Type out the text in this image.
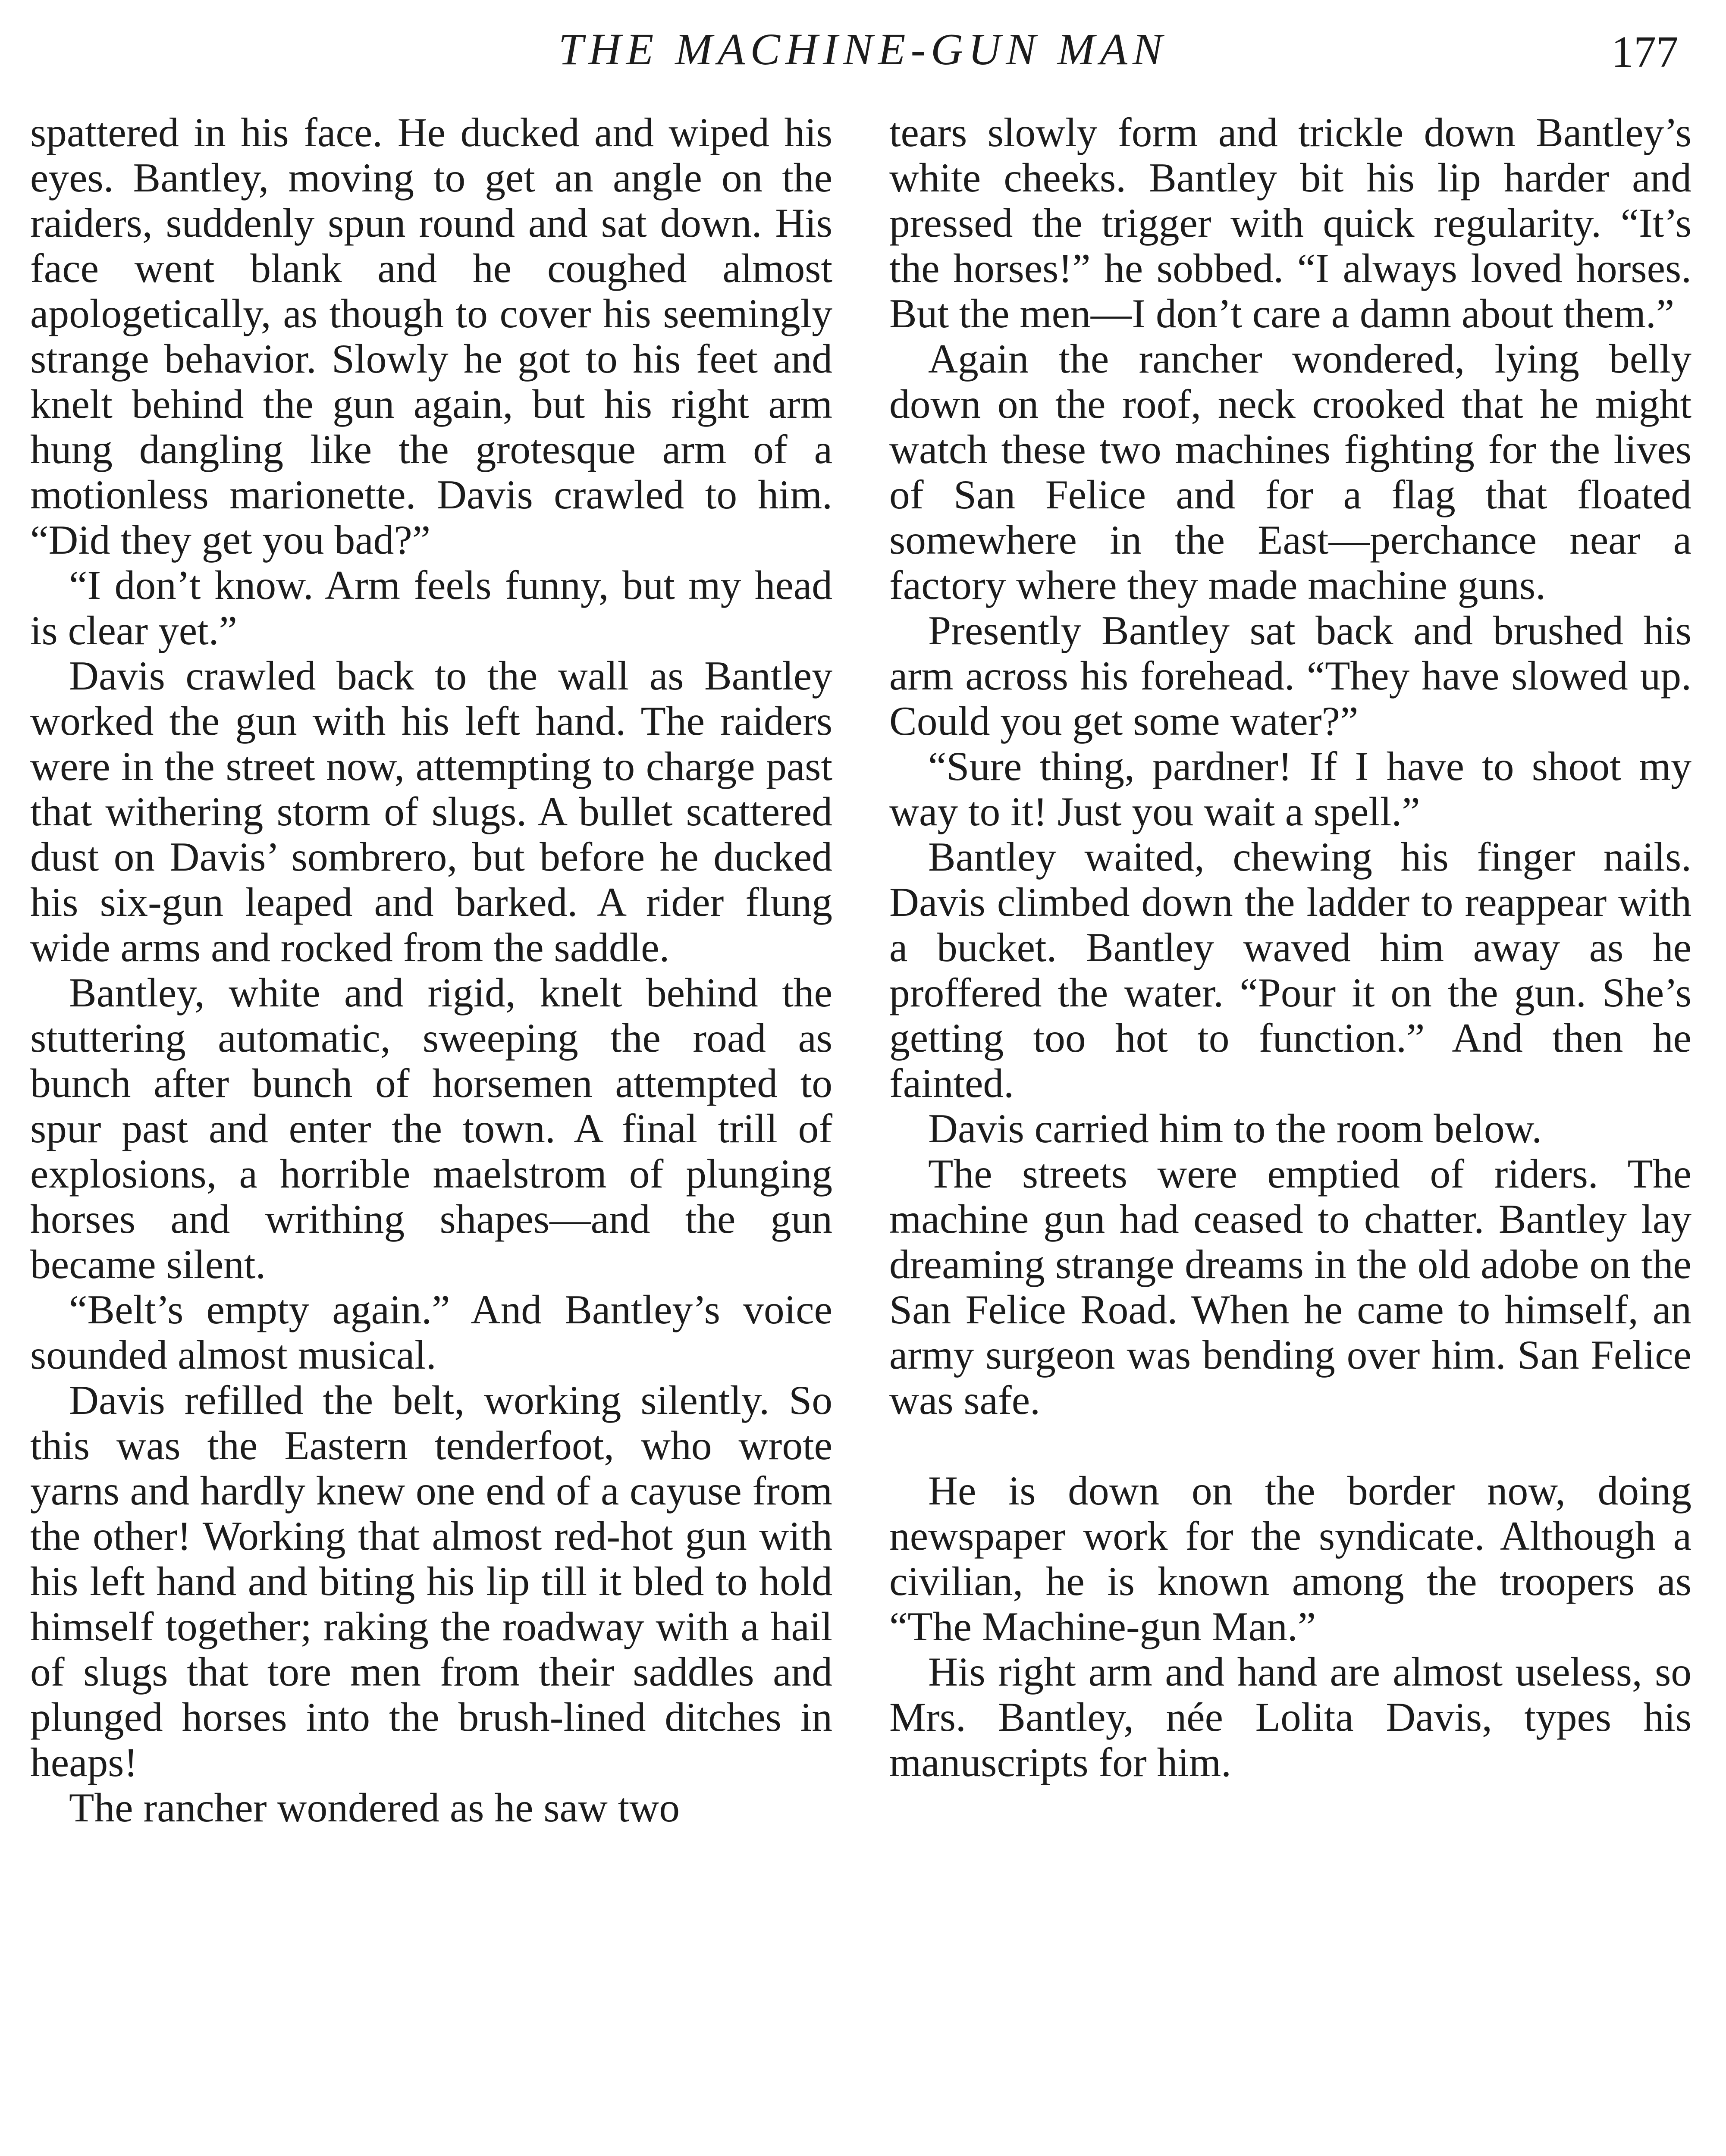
THE MACHINE-GUN MAN	177

spattered in his face. He ducked and wiped his eyes. Bantley, moving to get an angle on the raiders, suddenly spun round and sat down. His face went blank and he coughed almost apologetically, as though to cover his seemingly strange behavior. Slowly he got to his feet and knelt behind the gun again, but his right arm hung dangling like the grotesque arm of a motionless marionette. Davis crawled to him. “Did they get you bad?”

“I don’t know. Arm feels funny, but my head is clear yet.”

Davis crawled back to the wall as Bantley worked the gun with his left hand. The raiders were in the street now, attempting to charge past that withering storm of slugs. A bullet scattered dust on Davis’ sombrero, but before he ducked his six-gun leaped and barked. A rider flung wide arms and rocked from the saddle.

Bantley, white and rigid, knelt behind the stuttering automatic, sweeping the road as bunch after bunch of horsemen attempted to spur past and enter the town. A final trill of explosions, a horrible maelstrom of plunging horses and writhing shapes—and the gun became silent.

“Belt’s empty again.” And Bantley’s voice sounded almost musical.

Davis refilled the belt, working silently. So this was the Eastern tenderfoot, who wrote yarns and hardly knew one end of a cayuse from the other! Working that almost red-hot gun with his left hand and biting his lip till it bled to hold himself together; raking the roadway with a hail of slugs that tore men from their saddles and plunged horses into the brush-lined ditches in heaps!

The rancher wondered as he saw two

tears slowly form and trickle down Bantley’s white cheeks. Bantley bit his lip harder and pressed the trigger with quick regularity. “It’s the horses!” he sobbed. “I always loved horses. But the men—I don’t care a damn about them.”

Again the rancher wondered, lying belly down on the roof, neck crooked that he might watch these two machines fighting for the lives of San Felice and for a flag that floated somewhere in the East—perchance near a factory where they made machine guns.

Presently Bantley sat back and brushed his arm across his forehead. “They have slowed up. Could you get some water?”

“Sure thing, pardner! If I have to shoot my way to it! Just you wait a spell.”

Bantley waited, chewing his finger nails. Davis climbed down the ladder to reappear with a bucket. Bantley waved him away as he proffered the water. “Pour it on the gun. She’s getting too hot to function.” And then he fainted.

Davis carried him to the room below.

The streets were emptied of riders. The machine gun had ceased to chatter. Bantley lay dreaming strange dreams in the old adobe on the San Felice Road. When he came to himself, an army surgeon was bending over him. San Felice was safe.

He is down on the border now, doing newspaper work for the syndicate. Although a civilian, he is known among the troopers as “The Machine-gun Man.”

His right arm and hand are almost useless, so Mrs. Bantley, née Lolita Davis, types his manuscripts for him.
